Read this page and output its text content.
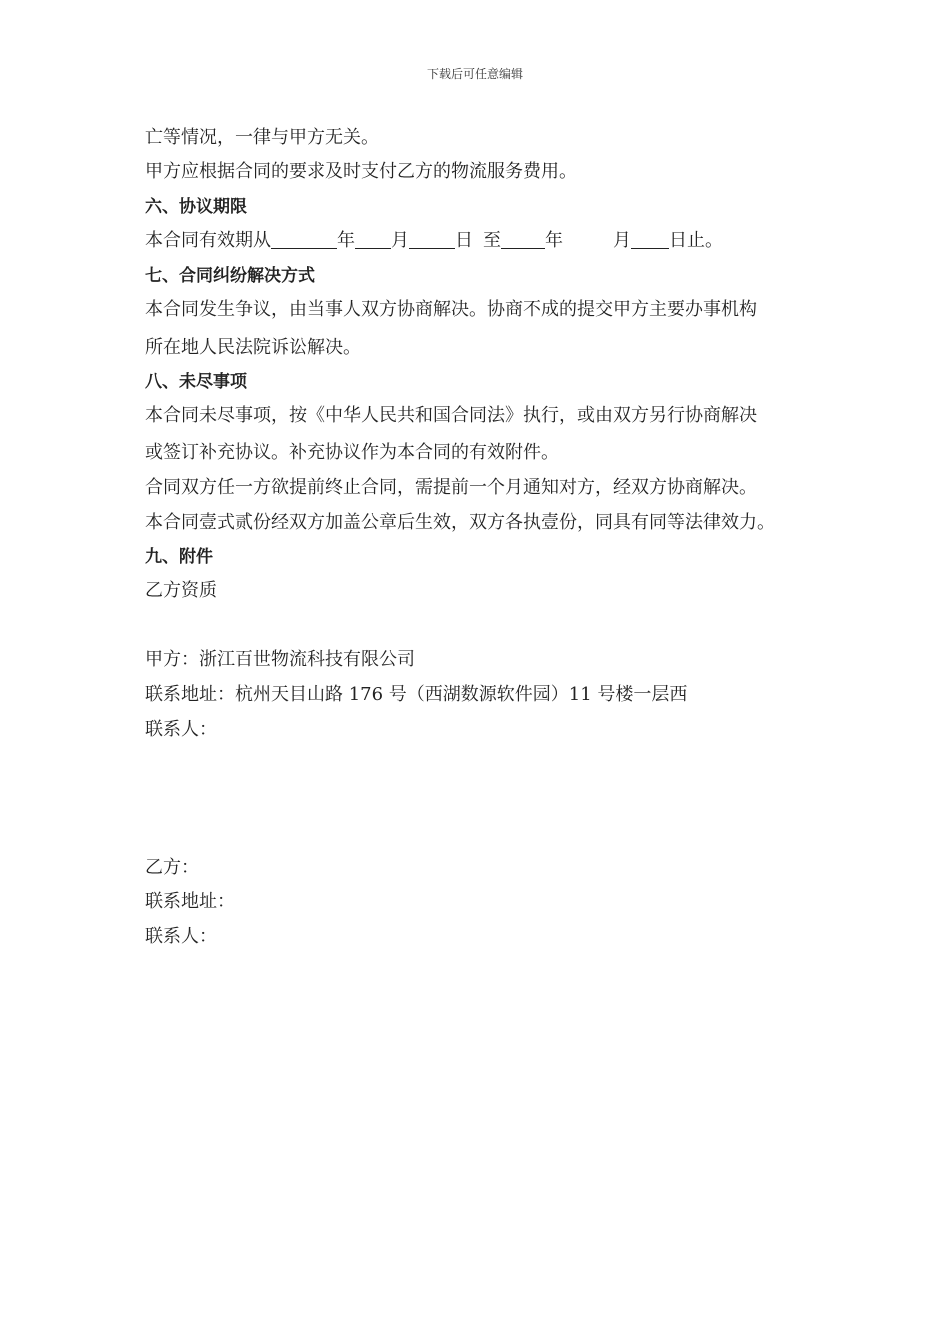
下载后可任意编辑
亡等情况，一律与甲方无关。
甲方应根据合同的要求及时支付乙方的物流服务费用。
六、协议期限
本合同有效期从	年 月	日 至 年	月 日止。
七、合同纠纷解决方式
本合同发生争议，由当事人双方协商解决。协商不成的提交甲方主要办事机构
所在地人民法院诉讼解决。
八、未尽事项
本合同未尽事项，按《中华人民共和国合同法》执行，或由双方另行协商解决
或签订补充协议。补充协议作为本合同的有效附件。
合同双方任一方欲提前终止合同，需提前一个月通知对方，经双方协商解决。
本合同壹式贰份经双方加盖公章后生效，双方各执壹份，同具有同等法律效力。
九、附件
乙方资质
甲方：浙江百世物流科技有限公司
联系地址：杭州天目山路 176 号（西湖数源软件园）11 号楼一层西
联系人：
乙方：
联系地址：
联系人：
